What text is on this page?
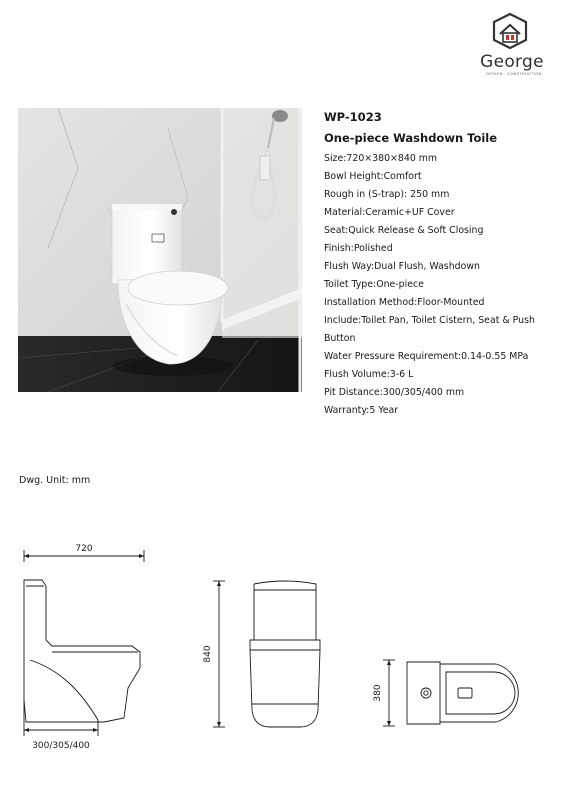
George
DESIGN · CONSTRUCTION
WP-1023
One-piece Washdown Toile
Size:720×380×840 mm
Bowl Height:Comfort
Rough in (S-trap): 250 mm
Material:Ceramic+UF Cover
Seat:Quick Release & Soft Closing
Finish:Polished
Flush Way:Dual Flush, Washdown
Toilet Type:One-piece
Installation Method:Floor-Mounted
Include:Toilet Pan, Toilet Cistern, Seat & Push
Button
Water Pressure Requirement:0.14-0.55 MPa
Flush Volume:3-6 L
Pit Distance:300/305/400 mm
Warranty:5 Year
Dwg. Unit: mm
720
300/305/400
840
380
